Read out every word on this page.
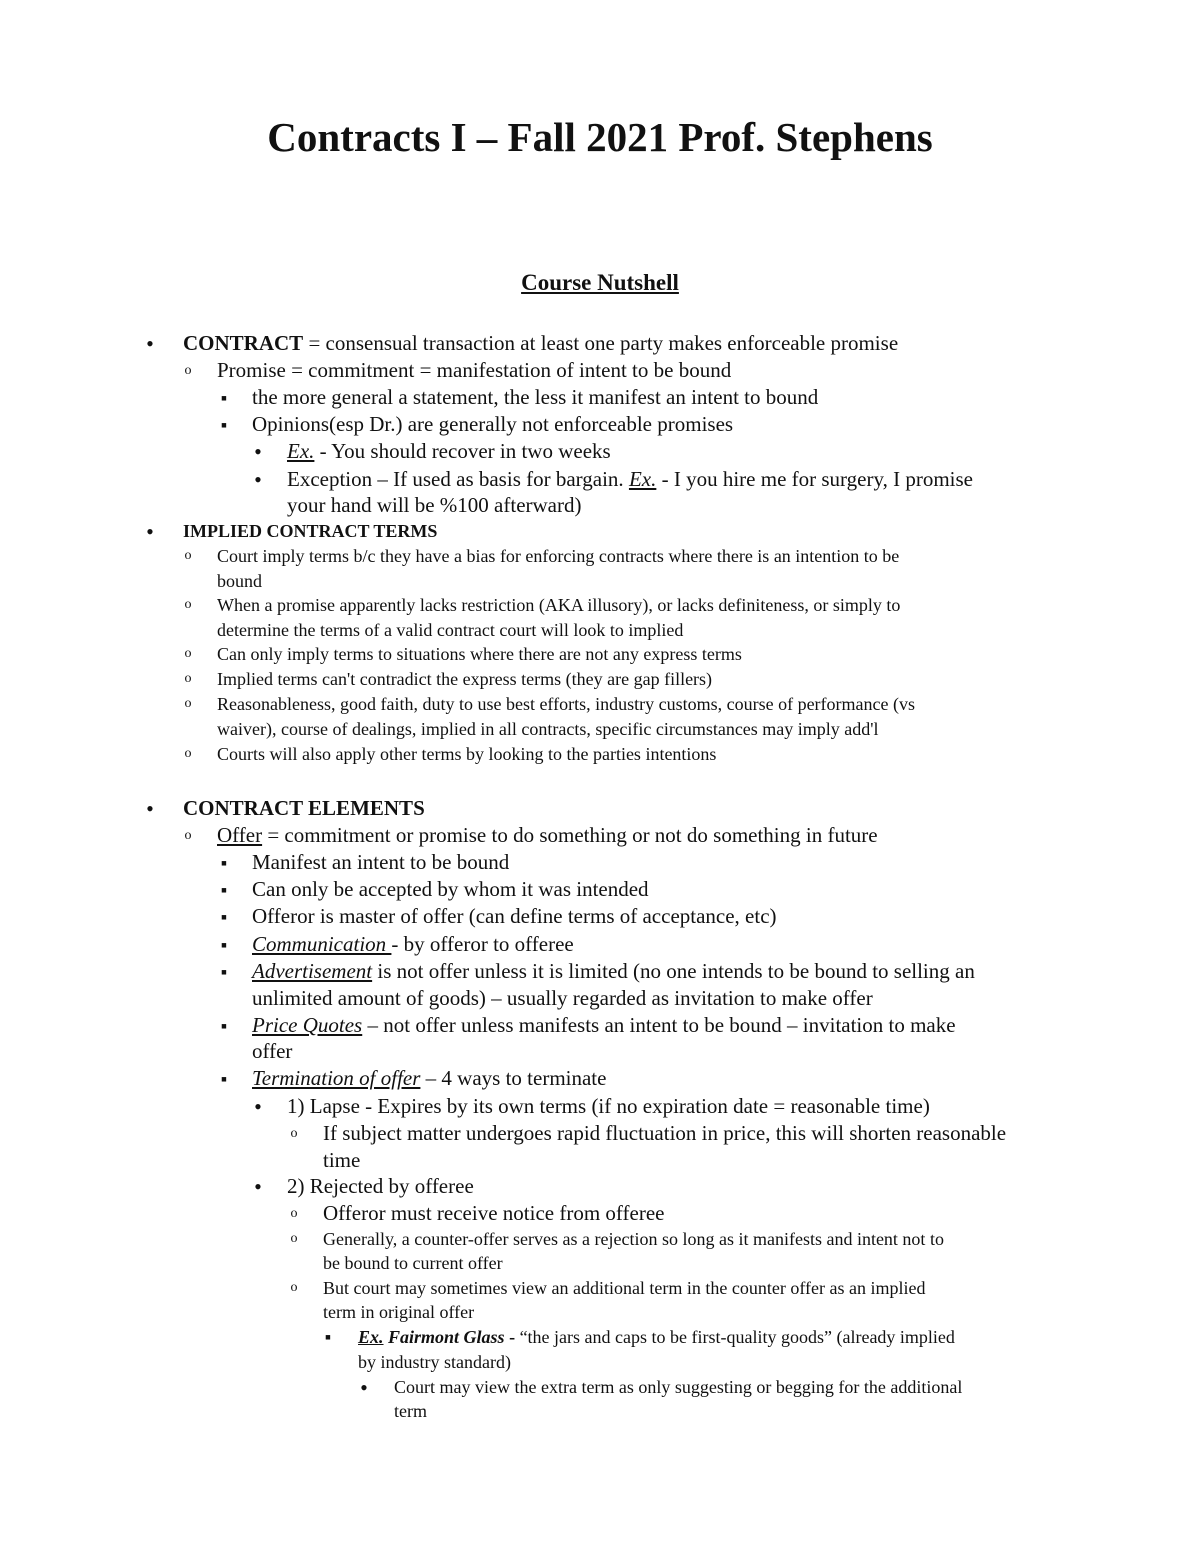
Contracts I – Fall 2021 Prof. Stephens
Course Nutshell
•
CONTRACT = consensual transaction at least one party makes enforceable promise
o
Promise = commitment = manifestation of intent to be bound
▪
the more general a statement, the less it manifest an intent to bound
▪
Opinions(esp Dr.) are generally not enforceable promises
•
Ex. - You should recover in two weeks
•
Exception – If used as basis for bargain. Ex. - I you hire me for surgery, I promise
your hand will be %100 afterward)
•
IMPLIED CONTRACT TERMS
o
Court imply terms b/c they have a bias for enforcing contracts where there is an intention to be
bound
o
When a promise apparently lacks restriction (AKA illusory), or lacks definiteness, or simply to
determine the terms of a valid contract court will look to implied
o
Can only imply terms to situations where there are not any express terms
o
Implied terms can't contradict the express terms (they are gap fillers)
o
Reasonableness, good faith, duty to use best efforts, industry customs, course of performance (vs
waiver), course of dealings, implied in all contracts, specific circumstances may imply add'l
o
Courts will also apply other terms by looking to the parties intentions
•
CONTRACT ELEMENTS
o
Offer = commitment or promise to do something or not do something in future
▪
Manifest an intent to be bound
▪
Can only be accepted by whom it was intended
▪
Offeror is master of offer (can define terms of acceptance, etc)
▪
Communication - by offeror to offeree
▪
Advertisement is not offer unless it is limited (no one intends to be bound to selling an
unlimited amount of goods) – usually regarded as invitation to make offer
▪
Price Quotes – not offer unless manifests an intent to be bound – invitation to make
offer
▪
Termination of offer – 4 ways to terminate
•
1) Lapse - Expires by its own terms (if no expiration date = reasonable time)
o
If subject matter undergoes rapid fluctuation in price, this will shorten reasonable
time
•
2) Rejected by offeree
o
Offeror must receive notice from offeree
o
Generally, a counter-offer serves as a rejection so long as it manifests and intent not to
be bound to current offer
o
But court may sometimes view an additional term in the counter offer as an implied
term in original offer
▪
Ex. Fairmont Glass - “the jars and caps to be first-quality goods” (already implied
by industry standard)
•
Court may view the extra term as only suggesting or begging for the additional
term
